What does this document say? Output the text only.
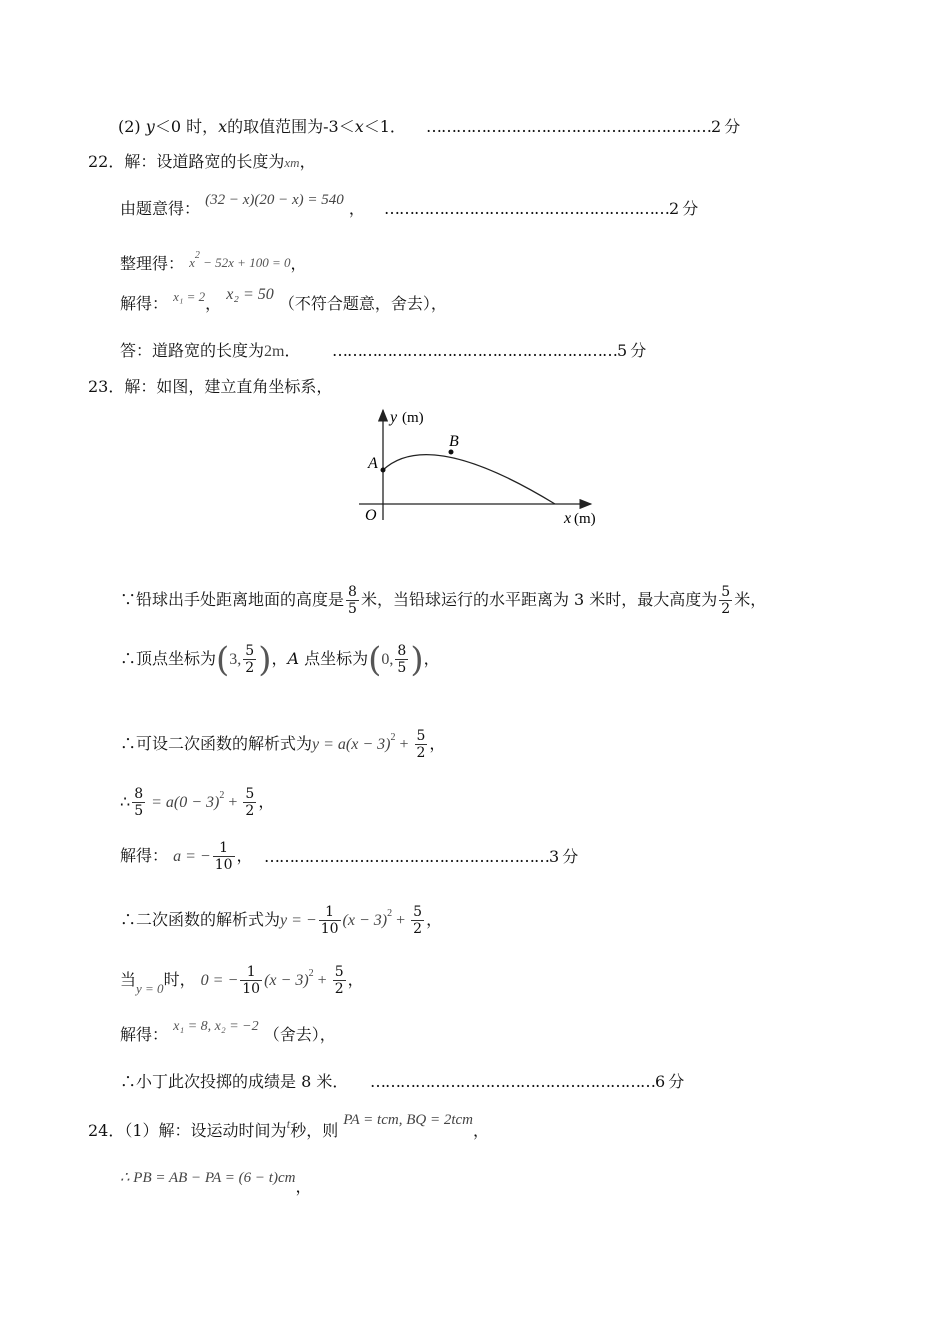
(2) y＜0 时，x的取值范围为-3＜x＜1． …………………………………………………2 分
22．解：设道路宽的长度为xm，
由题意得： (32 − x)(20 − x) = 540 ， …………………………………………………2 分
整理得： $x^2 - 52x + 100 = 0$，
解得： $^{x_1 = 2}$， x₂ = 50 （不符合题意，舍去），
答：道路宽的长度为2m． …………………………………………………5 分
23．解：如图，建立直角坐标系，
y (m)
A
B
O	x (m)
∵铅球出手处距离地面的高度是 $\frac{8}{5}$ 米，当铅球运行的水平距离为 3 米时，最大高度为 $\frac{5}{2}$ 米，
∴顶点坐标为(3, $\frac{5}{2}$ )，A 点坐标为(0, $\frac{8}{5}$ )，
∴可设二次函数的解析式为$y = a(x - 3)^2 + \frac{5}{2}$ ，
∴ $\frac{8}{5} = a(0 - 3)^2 + \frac{5}{2}$ ，
解得： a = − $\frac{1}{10}$ ， …………………………………………………3 分
∴二次函数的解析式为y = − $\frac{1}{10} (x - 3)^2 + \frac{5}{2}$ ，
当$_{y = 0}$时， 0 = − $\frac{1}{10} (x - 3)^2 + \frac{5}{2}$ ，
解得： x₁ = 8, x₂ = −2 （舍去），
∴小丁此次投掷的成绩是 8 米． …………………………………………………6 分
24．（1）解：设运动时间为$^t$秒，则 PA = tcm, BQ = 2tcm，
∴ PB = AB − PA = (6 − t)cm，
